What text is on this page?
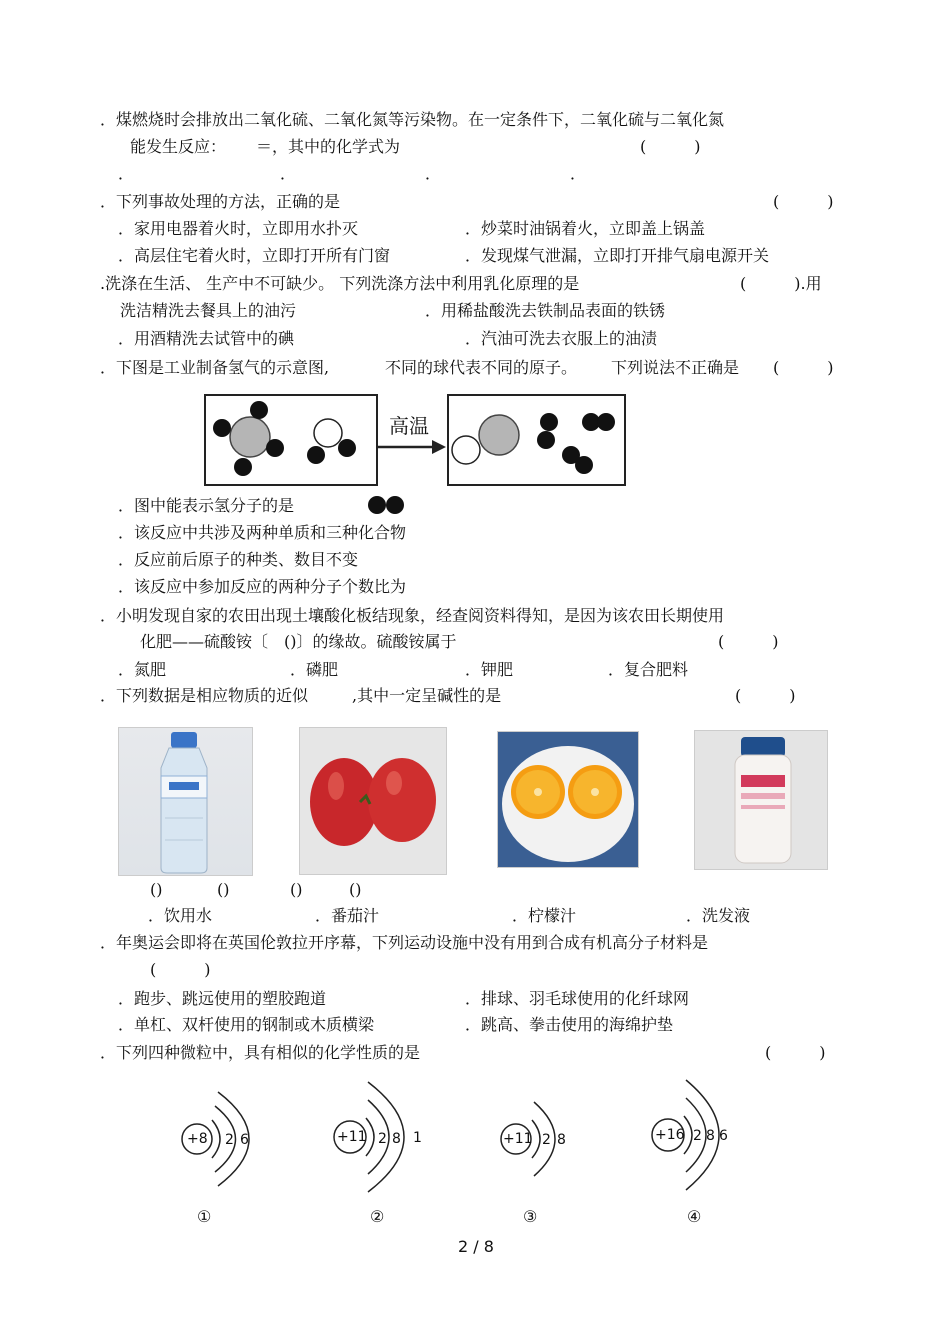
．煤燃烧时会排放出二氧化硫、二氧化氮等污染物。在一定条件下，二氧化硫与二氧化氮
能发生反应： ＝，其中的化学式为	(　　　)
．	．	．	．
．下列事故处理的方法，正确的是	(　　　)
．家用电器着火时，立即用水扑灭	．炒菜时油锅着火，立即盖上锅盖
．高层住宅着火时，立即打开所有门窗	．发现煤气泄漏，立即打开排气扇电源开关
.洗涤在生活、 生产中不可缺少。 下列洗涤方法中利用乳化原理的是	(　　　).用
洗洁精洗去餐具上的油污	．用稀盐酸洗去铁制品表面的铁锈
．用酒精洗去试管中的碘	．汽油可洗去衣服上的油渍
．下图是工业制备氢气的示意图,	不同的球代表不同的原子。 下列说法不正确是 (　　　)
高温
．图中能表示氢分子的是
．该反应中共涉及两种单质和三种化合物
．反应前后原子的种类、数目不变
．该反应中参加反应的两种分子个数比为
．小明发现自家的农田出现土壤酸化板结现象，经查阅资料得知，是因为该农田长期使用
化肥——硫酸铵〔　()〕的缘故。硫酸铵属于	(　　　)
．氮肥	．磷肥	．钾肥	．复合肥料
．下列数据是相应物质的近似	,其中一定呈碱性的是	(　　　)
()	()	()	()
．饮用水	．番茄汁	．柠檬汁	．洗发液
．年奥运会即将在英国伦敦拉开序幕，下列运动设施中没有用到合成有机高分子材料是
(　　　)
．跑步、跳远使用的塑胶跑道	．排球、羽毛球使用的化纤球网
．单杠、双杆使用的钢制或木质横梁	．跳高、拳击使用的海绵护垫
．下列四种微粒中，具有相似的化学性质的是	(　　　)
+8 2 6	+11 2 8 1	+11 2 8	+16 2 8 6
①	②	③	④
2 / 8
